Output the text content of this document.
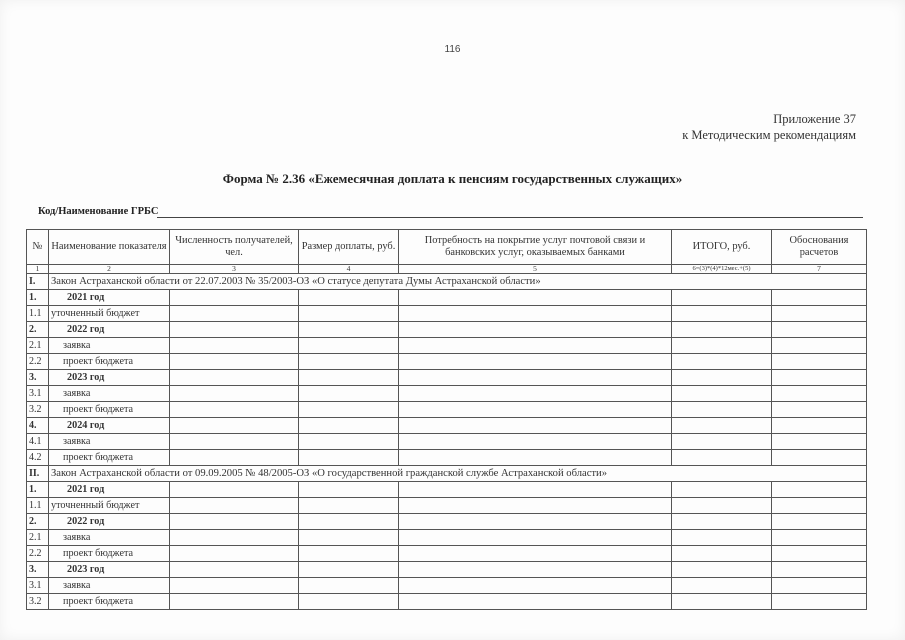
116
Приложение 37
к Методическим рекомендациям
Форма № 2.36 «Ежемесячная доплата к пенсиям государственных служащих»
Код/Наименование ГРБС
№	Наименование показателя	Численность получателей, чел.	Размер доплаты, руб.	Потребность на покрытие услуг почтовой связи и банковских услуг, оказываемых банками	ИТОГО, руб.	Обоснования расчетов
1	2	3	4	5	6=(3)*(4)*12мес.+(5)	7
I.	Закон Астраханской области от 22.07.2003 № 35/2003-ОЗ «О статусе депутата Думы Астраханской области»					
1.	2021 год					
1.1	уточненный бюджет					
2.	2022 год					
2.1	заявка					
2.2	проект бюджета					
3.	2023 год					
3.1	заявка					
3.2	проект бюджета					
4.	2024 год					
4.1	заявка					
4.2	проект бюджета					
II.	Закон Астраханской области от 09.09.2005 № 48/2005-ОЗ «О государственной гражданской службе Астраханской области»					
1.	2021 год					
1.1	уточненный бюджет					
2.	2022 год					
2.1	заявка					
2.2	проект бюджета					
3.	2023 год					
3.1	заявка					
3.2	проект бюджета					
